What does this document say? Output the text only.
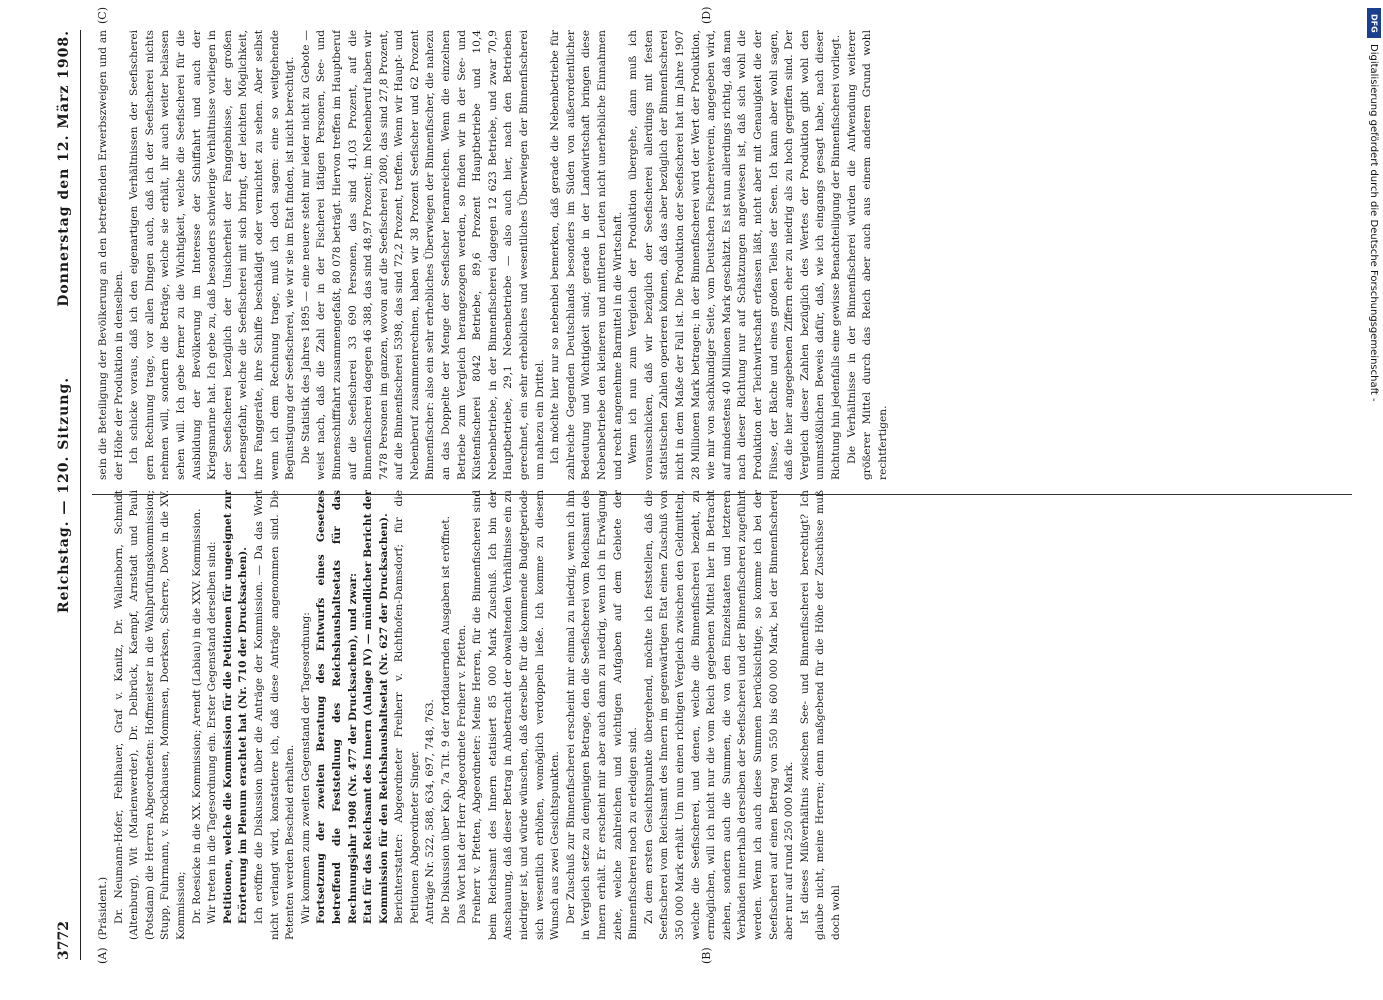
3772
Reichstag. — 120. Sitzung.
Donnerstag den 12. März 1908.
(A)	(B)
(C)	(D)

(Präsident.) Dr. Neumann-Hofer, Fehlhauer, Graf v. Kanitz, Dr. Wallenborn, Schmidt (Altenburg), Wit (Marienwerder), Dr. Delbrück, Kaempf, Arnstadt und Pauli (Potsdam) die Herren Abgeordneten: Hoffmeister in die Wahlprüfungskommission; Stupp, Fuhrmann, v. Brockhausen, Mommsen, Doerksen, Scherre, Dove in die XV. Kommission; Dr. Roesicke in die XX. Kommission; Arendt (Labiau) in die XXV. Kommission. Wir treten in die Tagesordnung ein. Erster Gegenstand derselben sind: Petitionen, welche die Kommission für die Petitionen für ungeeignet zur Erörterung im Plenum erachtet hat (Nr. 710 der Drucksachen). Ich eröffne die Diskussion über die Anträge der Kommission. — Da das Wort nicht verlangt wird, konstatiere ich, daß diese Anträge angenommen sind. Die Petenten werden Bescheid erhalten. Wir kommen zum zweiten Gegenstand der Tagesordnung: Fortsetzung der zweiten Beratung des Entwurfs eines Gesetzes betreffend die Feststellung des Reichshaushaltsetats für das Rechnungsjahr 1908 (Nr. 477 der Drucksachen), und zwar: Etat für das Reichsamt des Innern (Anlage IV) — mündlicher Bericht der Kommission für den Reichshaushaltsetat (Nr. 627 der Drucksachen). Berichterstatter: Abgeordneter Freiherr v. Richthofen-Damsdorf; für die Petitionen Abgeordneter Singer. Anträge Nr. 522, 588, 634, 697, 748, 763. Die Diskussion über Kap. 7a Tit. 9 der fortdauernden Ausgaben ist eröffnet. Das Wort hat der Herr Abgeordnete Freiherr v. Pfetten. Freiherr v. Pfetten, Abgeordneter: Meine Herren, für die Binnenfischerei sind beim Reichsamt des Innern etatisiert 85 000 Mark Zuschuß. Ich bin der Anschauung, daß dieser Betrag in Anbetracht der obwaltenden Verhältnisse ein zu niedriger ist, und würde wünschen, daß derselbe für die kommende Budgetperiode sich wesentlich erhöhen, womöglich verdoppeln ließe. Ich komme zu diesem Wunsch aus zwei Gesichtspunkten. Der Zuschuß zur Binnenfischerei erscheint mir einmal zu niedrig, wenn ich ihn in Vergleich setze zu demjenigen Betrage, den die Seefischerei vom Reichsamt des Innern erhält. Er erscheint mir aber auch dann zu niedrig, wenn ich in Erwägung ziehe, welche zahlreichen und wichtigen Aufgaben auf dem Gebiete der Binnenfischerei noch zu erledigen sind. Zu dem ersten Gesichtspunkte übergehend, möchte ich feststellen, daß die Seefischerei vom Reichsamt des Innern im gegenwärtigen Etat einen Zuschuß von 350 000 Mark erhält. Um nun einen richtigen Vergleich zwischen den Geldmitteln, welche die Seefischerei, und denen, welche die Binnenfischerei bezieht, zu ermöglichen, will ich nicht nur die vom Reich gegebenen Mittel hier in Betracht ziehen, sondern auch die Summen, die von den Einzelstaaten und letzteren Verbänden innerhalb derselben der Seefischerei und der Binnenfischerei zugeführt werden. Wenn ich auch diese Summen berücksichtige, so komme ich bei der Seefischerei auf einen Betrag von 550 bis 600 000 Mark, bei der Binnenfischerei aber nur auf rund 250 000 Mark. Ist dieses Mißverhältnis zwischen See- und Binnenfischerei berechtigt? Ich glaube nicht, meine Herren; denn maßgebend für die Höhe der Zuschüsse muß doch wohl

sein die Beteiligung der Bevölkerung an den betreffenden Erwerbszweigen und an der Höhe der Produktion in denselben. Ich schicke voraus, daß ich den eigenartigen Verhältnissen der Seefischerei gern Rechnung trage, vor allen Dingen auch, daß ich der Seefischerei nichts nehmen will, sondern die Beträge, welche sie erhält, ihr auch weiter belassen sehen will. Ich gebe ferner zu die Wichtigkeit, welche die Seefischerei für die Ausbildung der Bevölkerung im Interesse der Schiffahrt und auch der Kriegsmarine hat. Ich gebe zu, daß besonders schwierige Verhältnisse vorliegen in der Seefischerei bezüglich der Unsicherheit der Fanggebnisse, der großen Lebensgefahr, welche die Seefischerei mit sich bringt, der leichten Möglichkeit, ihre Fanggeräte, ihre Schiffe beschädigt oder vernichtet zu sehen. Aber selbst wenn ich dem Rechnung trage, muß ich doch sagen: eine so weitgehende Begünstigung der Seefischerei, wie wir sie im Etat finden, ist nicht berechtigt. Die Statistik des Jahres 1895 — eine neuere steht mir leider nicht zu Gebote — weist nach, daß die Zahl der in der Fischerei tätigen Personen, See- und Binnenschifffahrt zusammengefaßt, 80 078 beträgt. Hiervon treffen im Hauptberuf auf die Seefischerei 33 690 Personen, das sind 41,03 Prozent, auf die Binnenfischerei dagegen 46 388, das sind 48,97 Prozent; im Nebenberuf haben wir 7478 Personen im ganzen, wovon auf die Seefischerei 2080, das sind 27,8 Prozent, auf die Binnenfischerei 5398, das sind 72,2 Prozent, treffen. Wenn wir Haupt- und Nebenberuf zusammenrechnen, haben wir 38 Prozent Seefischer und 62 Prozent Binnenfischer: also ein sehr erhebliches Überwiegen der Binnenfischer, die nahezu an das Doppelte der Menge der Seefischer heranreichen. Wenn die einzelnen Betriebe zum Vergleich herangezogen werden, so finden wir in der See- und Küstenfischerei 8042 Betriebe, 89,6 Prozent Hauptbetriebe und 10,4 Nebenbetriebe, in der Binnenfischerei dagegen 12 623 Betriebe, und zwar 70,9 Hauptbetriebe, 29,1 Nebenbetriebe — also auch hier, nach den Betrieben gerechnet, ein sehr erhebliches und wesentliches Überwiegen der Binnenfischerei um nahezu ein Drittel. Ich möchte hier nur so nebenbei bemerken, daß gerade die Nebenbetriebe für zahlreiche Gegenden Deutschlands besonders im Süden von außerordentlicher Bedeutung und Wichtigkeit sind; gerade in der Landwirtschaft bringen diese Nebenbetriebe den kleineren und mittleren Leuten nicht unerhebliche Einnahmen und recht angenehme Barmittel in die Wirtschaft. Wenn ich nun zum Vergleich der Produktion übergehe, dann muß ich vorausschicken, daß wir bezüglich der Seefischerei allerdings mit festen statistischen Zahlen operieren können, daß das aber bezüglich der Binnenfischerei nicht in dem Maße der Fall ist. Die Produktion der Seefischerei hat im Jahre 1907 28 Millionen Mark betragen; in der Binnenfischerei wird der Wert der Produktion, wie mir von sachkundiger Seite, vom Deutschen Fischereiverein, angegeben wird, auf mindestens 40 Millionen Mark geschätzt. Es ist nun allerdings richtig, daß man nach dieser Richtung nur auf Schätzungen angewiesen ist, daß sich wohl die Produktion der Teichwirtschaft erfassen läßt, nicht aber mit Genauigkeit die der Flüsse, der Bäche und eines großen Teiles der Seen. Ich kann aber wohl sagen, daß die hier angegebenen Ziffern eher zu niedrig als zu hoch gegriffen sind. Der Vergleich dieser Zahlen bezüglich des Wertes der Produktion gibt wohl den unumstößlichen Beweis dafür, daß, wie ich eingangs gesagt habe, nach dieser Richtung hin jedenfalls eine gewisse Benachteiligung der Binnenfischerei vorliegt. Die Verhältnisse in der Binnenfischerei würden die Aufwendung weiterer größerer Mittel durch das Reich aber auch aus einem anderen Grund wohl rechtfertigen.

DFG
Digitalisierung gefördert durch die Deutsche Forschungsgemeinschaft -
